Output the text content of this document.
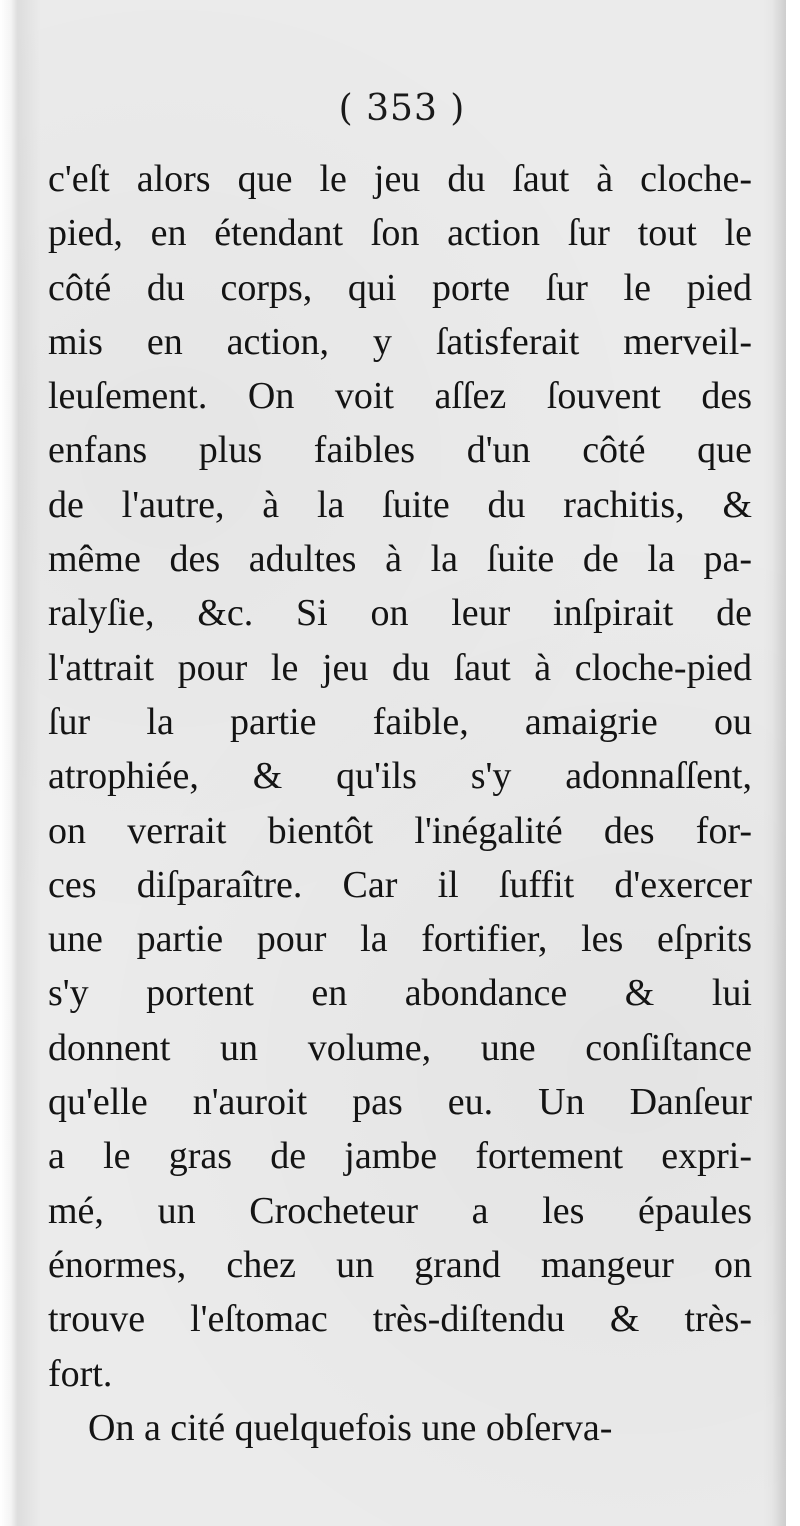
( 353 )
c'eſt alors que le jeu du ſaut à cloche-
pied, en étendant ſon action ſur tout le
côté du corps, qui porte ſur le pied
mis en action, y ſatisferait merveil-
leuſement. On voit aſſez ſouvent des
enfans plus faibles d'un côté que
de l'autre, à la ſuite du rachitis, &
même des adultes à la ſuite de la pa-
ralyſie, &c. Si on leur inſpirait de
l'attrait pour le jeu du ſaut à cloche-pied
ſur la partie faible, amaigrie ou
atrophiée, & qu'ils s'y adonnaſſent,
on verrait bientôt l'inégalité des for-
ces diſparaître. Car il ſuffit d'exercer
une partie pour la fortifier, les eſprits
s'y portent en abondance & lui
donnent un volume, une conſiſtance
qu'elle n'auroit pas eu. Un Danſeur
a le gras de jambe fortement expri-
mé, un Crocheteur a les épaules
énormes, chez un grand mangeur on
trouve l'eſtomac très-diſtendu & très-
fort.
On a cité quelquefois une obſerva-
